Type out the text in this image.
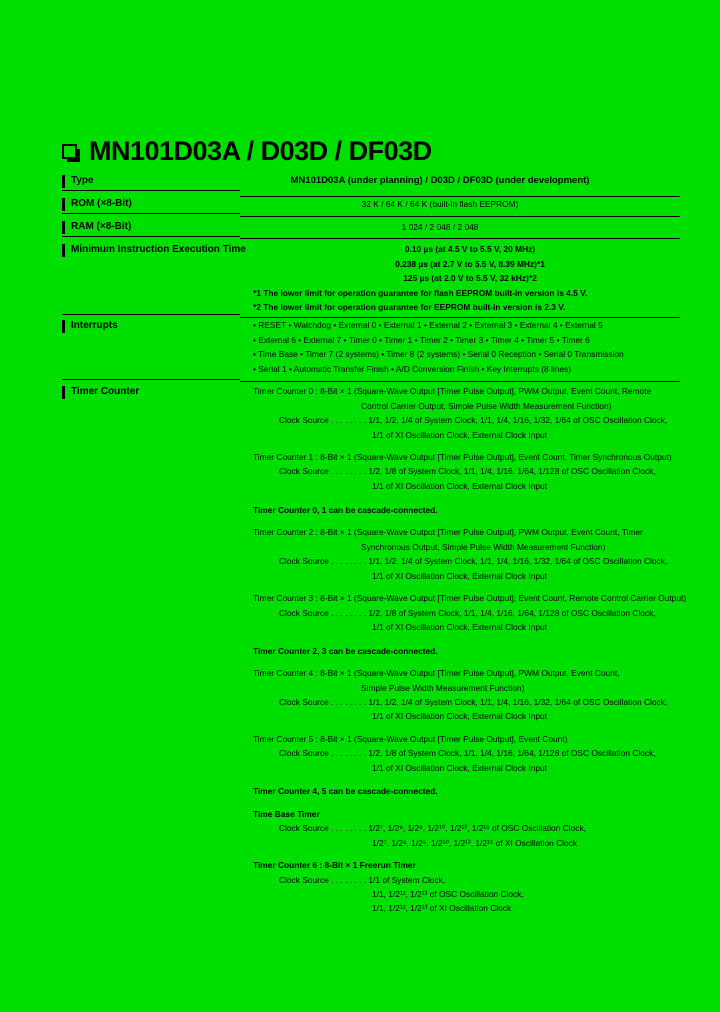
MN101D03A / D03D / DF03D
Type	MN101D03A (under planning) / D03D / DF03D (under development)
ROM (×8-Bit)	32 K / 64 K / 64 K (built-in flash EEPROM)
RAM (×8-Bit)	1 024 / 2 048 / 2 048
Minimum Instruction Execution Time	0.10 µs (at 4.5 V to 5.5 V, 20 MHz)
0.238 µs (at 2.7 V to 5.5 V, 8.39 MHz)*1
125 µs (at 2.0 V to 5.5 V, 32 kHz)*2
*1 The lower limit for operation guarantee for flash EEPROM built-in version is 4.5 V.
*2 The lower limit for operation guarantee for EEPROM built-in version is 2.3 V.
Interrupts	• RESET • Watchdog • External 0 • External 1 • External 2 • External 3 • External 4 • External 5
• External 6 • External 7 • Timer 0 • Timer 1 • Timer 2 • Timer 3 • Timer 4 • Timer 5 • Timer 6
• Time Base • Timer 7 (2 systems) • Timer 8 (2 systems) • Serial 0 Reception • Serial 0 Transmission
• Serial 1 • Automatic Transfer Finish • A/D Conversion Finish • Key Interrupts (8 lines)
Timer Counter	Timer Counter 0 : 8-Bit × 1 (Square-Wave Output [Timer Pulse Output], PWM Output, Event Count, Remote
Control Carrier Output, Simple Pulse Width Measurement Function)
Clock Source . . . . . . . . 1/1, 1/2, 1/4 of System Clock, 1/1, 1/4, 1/16, 1/32, 1/64 of OSC Oscillation Clock,
1/1 of XI Oscillation Clock, External Clock Input
Timer Counter 1 : 8-Bit × 1 (Square-Wave Output [Timer Pulse Output], Event Count, Timer Synchronous Output)
Clock Source . . . . . . . . 1/2, 1/8 of System Clock, 1/1, 1/4, 1/16, 1/64, 1/128 of OSC Oscillation Clock,
1/1 of XI Oscillation Clock, External Clock Input
Timer Counter 0, 1 can be cascade-connected.
Timer Counter 2 : 8-Bit × 1 (Square-Wave Output [Timer Pulse Output], PWM Output, Event Count, Timer
Synchronous Output, Simple Pulse Width Measurement Function)
Clock Source . . . . . . . . 1/1, 1/2, 1/4 of System Clock, 1/1, 1/4, 1/16, 1/32, 1/64 of OSC Oscillation Clock,
1/1 of XI Oscillation Clock, External Clock Input
Timer Counter 3 : 8-Bit × 1 (Square-Wave Output [Timer Pulse Output], Event Count, Remote Control Carrier Output)
Clock Source . . . . . . . . 1/2, 1/8 of System Clock, 1/1, 1/4, 1/16, 1/64, 1/128 of OSC Oscillation Clock,
1/1 of XI Oscillation Clock, External Clock Input
Timer Counter 2, 3 can be cascade-connected.
Timer Counter 4 : 8-Bit × 1 (Square-Wave Output [Timer Pulse Output], PWM Output, Event Count,
Simple Pulse Width Measurement Function)
Clock Source . . . . . . . . 1/1, 1/2, 1/4 of System Clock, 1/1, 1/4, 1/16, 1/32, 1/64 of OSC Oscillation Clock,
1/1 of XI Oscillation Clock, External Clock Input
Timer Counter 5 : 8-Bit × 1 (Square-Wave Output [Timer Pulse Output], Event Count)
Clock Source . . . . . . . . 1/2, 1/8 of System Clock, 1/1, 1/4, 1/16, 1/64, 1/128 of OSC Oscillation Clock,
1/1 of XI Oscillation Clock, External Clock Input
Timer Counter 4, 5 can be cascade-connected.
Time Base Timer
Clock Source . . . . . . . . 1/2⁷, 1/2⁸, 1/2⁹, 1/2¹⁰, 1/2¹³, 1/2¹⁵ of OSC Oscillation Clock,
1/2⁷, 1/2⁸, 1/2⁹, 1/2¹⁰, 1/2¹³, 1/2¹⁵ of XI Oscillation Clock
Timer Counter 6 : 8-Bit × 1 Freerun Timer
Clock Source . . . . . . . . 1/1 of System Clock,
1/1, 1/2¹², 1/2¹³ of OSC Oscillation Clock,
1/1, 1/2¹², 1/2¹³ of XI Oscillation Clock
